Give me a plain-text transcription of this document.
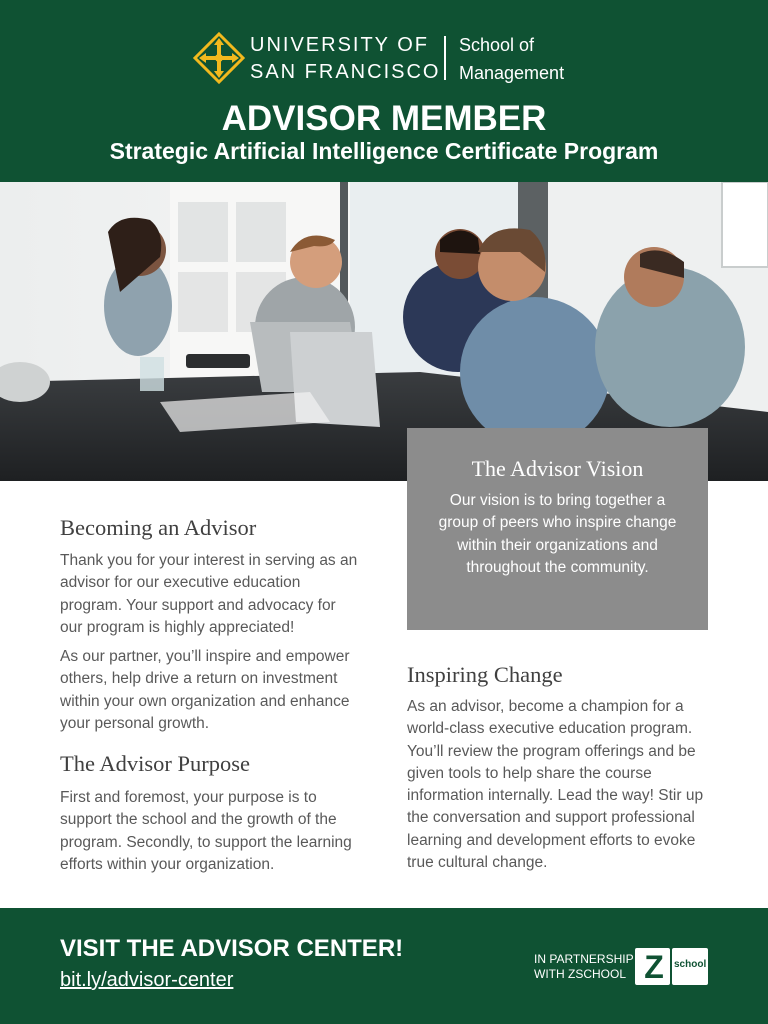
UNIVERSITY OF
SAN FRANCISCO
School of
Management
ADVISOR MEMBER
Strategic Artificial Intelligence Certificate Program
The Advisor Vision
Our vision is to bring together a group of peers who inspire change within their organizations and throughout the community.
Becoming an Advisor
Thank you for your interest in serving as an advisor for our executive education program. Your support and advocacy for our program is highly appreciated!
As our partner, you’ll inspire and empower others, help drive a return on investment within your own organization and enhance your personal growth.
The Advisor Purpose
First and foremost, your purpose is to support the school and the growth of the program. Secondly, to support the learning efforts within your organization.
Inspiring Change
As an advisor, become a champion for a world-class executive education program. You’ll review the program offerings and be given tools to help share the course information internally. Lead the way! Stir up the conversation and support professional learning and development efforts to evoke true cultural change.
VISIT THE ADVISOR CENTER!
bit.ly/advisor-center
IN PARTNERSHIP
WITH ZSCHOOL Z	school
